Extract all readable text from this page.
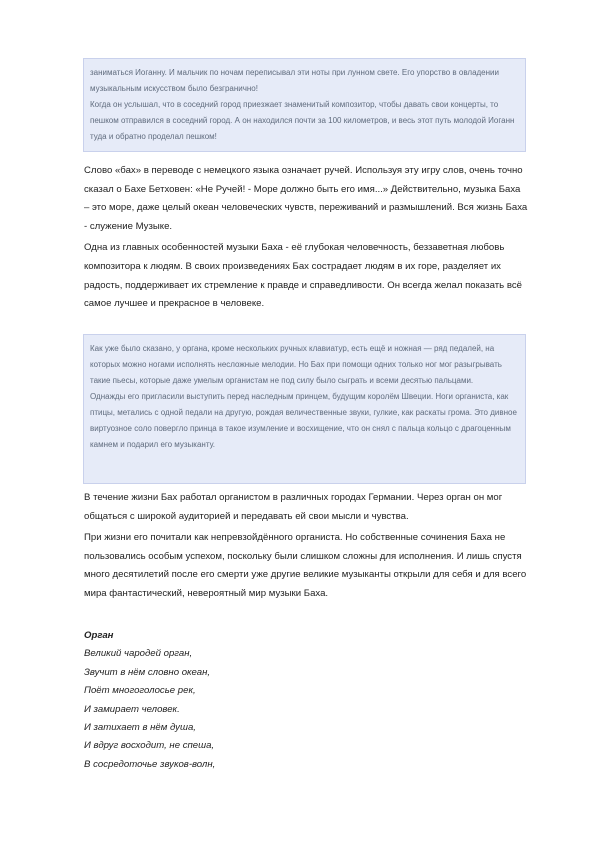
заниматься Иоганну. И мальчик по ночам переписывал эти ноты при лунном свете. Его упорство в овладении музыкальным искусством было безгранично!

Когда он услышал, что в соседний город приезжает знаменитый композитор, чтобы давать свои концерты, то пешком отправился в соседний город. А он находился почти за 100 километров, и весь этот путь молодой Иоганн туда и обратно проделал пешком!

Слово «бах» в переводе с немецкого языка означает ручей. Используя эту игру слов, очень точно сказал о Бахе Бетховен: «Не Ручей! - Море должно быть его имя...» Действительно, музыка Баха – это море, даже целый океан человеческих чувств, переживаний и размышлений. Вся жизнь Баха - служение Музыке.

Одна из главных особенностей музыки Баха - её глубокая человечность, беззаветная любовь композитора к людям. В своих произведениях Бах сострадает людям в их горе, разделяет их радость, поддерживает их стремление к правде и справедливости. Он всегда желал показать всё самое лучшее и прекрасное в человеке.

Как уже было сказано, у органа, кроме нескольких ручных клавиатур, есть ещё и ножная — ряд педалей, на которых можно ногами исполнять несложные мелодии. Но Бах при помощи одних только ног мог разыгрывать такие пьесы, которые даже умелым органистам не под силу было сыграть и всеми десятью пальцами.

Однажды его пригласили выступить перед наследным принцем, будущим королём Швеции. Ноги органиста, как птицы, метались с одной педали на другую, рождая величественные звуки, гулкие, как раскаты грома. Это дивное виртуозное соло повергло принца в такое изумление и восхищение, что он снял с пальца кольцо с драгоценным камнем и подарил его музыканту.

В течение жизни Бах работал органистом в различных городах Германии. Через орган он мог общаться с широкой аудиторией и передавать ей свои мысли и чувства.

При жизни его почитали как непревзойдённого органиста. Но собственные сочинения Баха не пользовались особым успехом, поскольку были слишком сложны для исполнения. И лишь спустя много десятилетий после его смерти уже другие великие музыканты открыли для себя и для всего мира фантастический, невероятный мир музыки Баха.

Орган
Великий чародей орган,
Звучит в нём словно океан,
Поёт многоголосье рек,
И замирает человек.
И затихает в нём душа,
И вдруг восходит, не спеша,
В сосредоточье звуков-волн,
